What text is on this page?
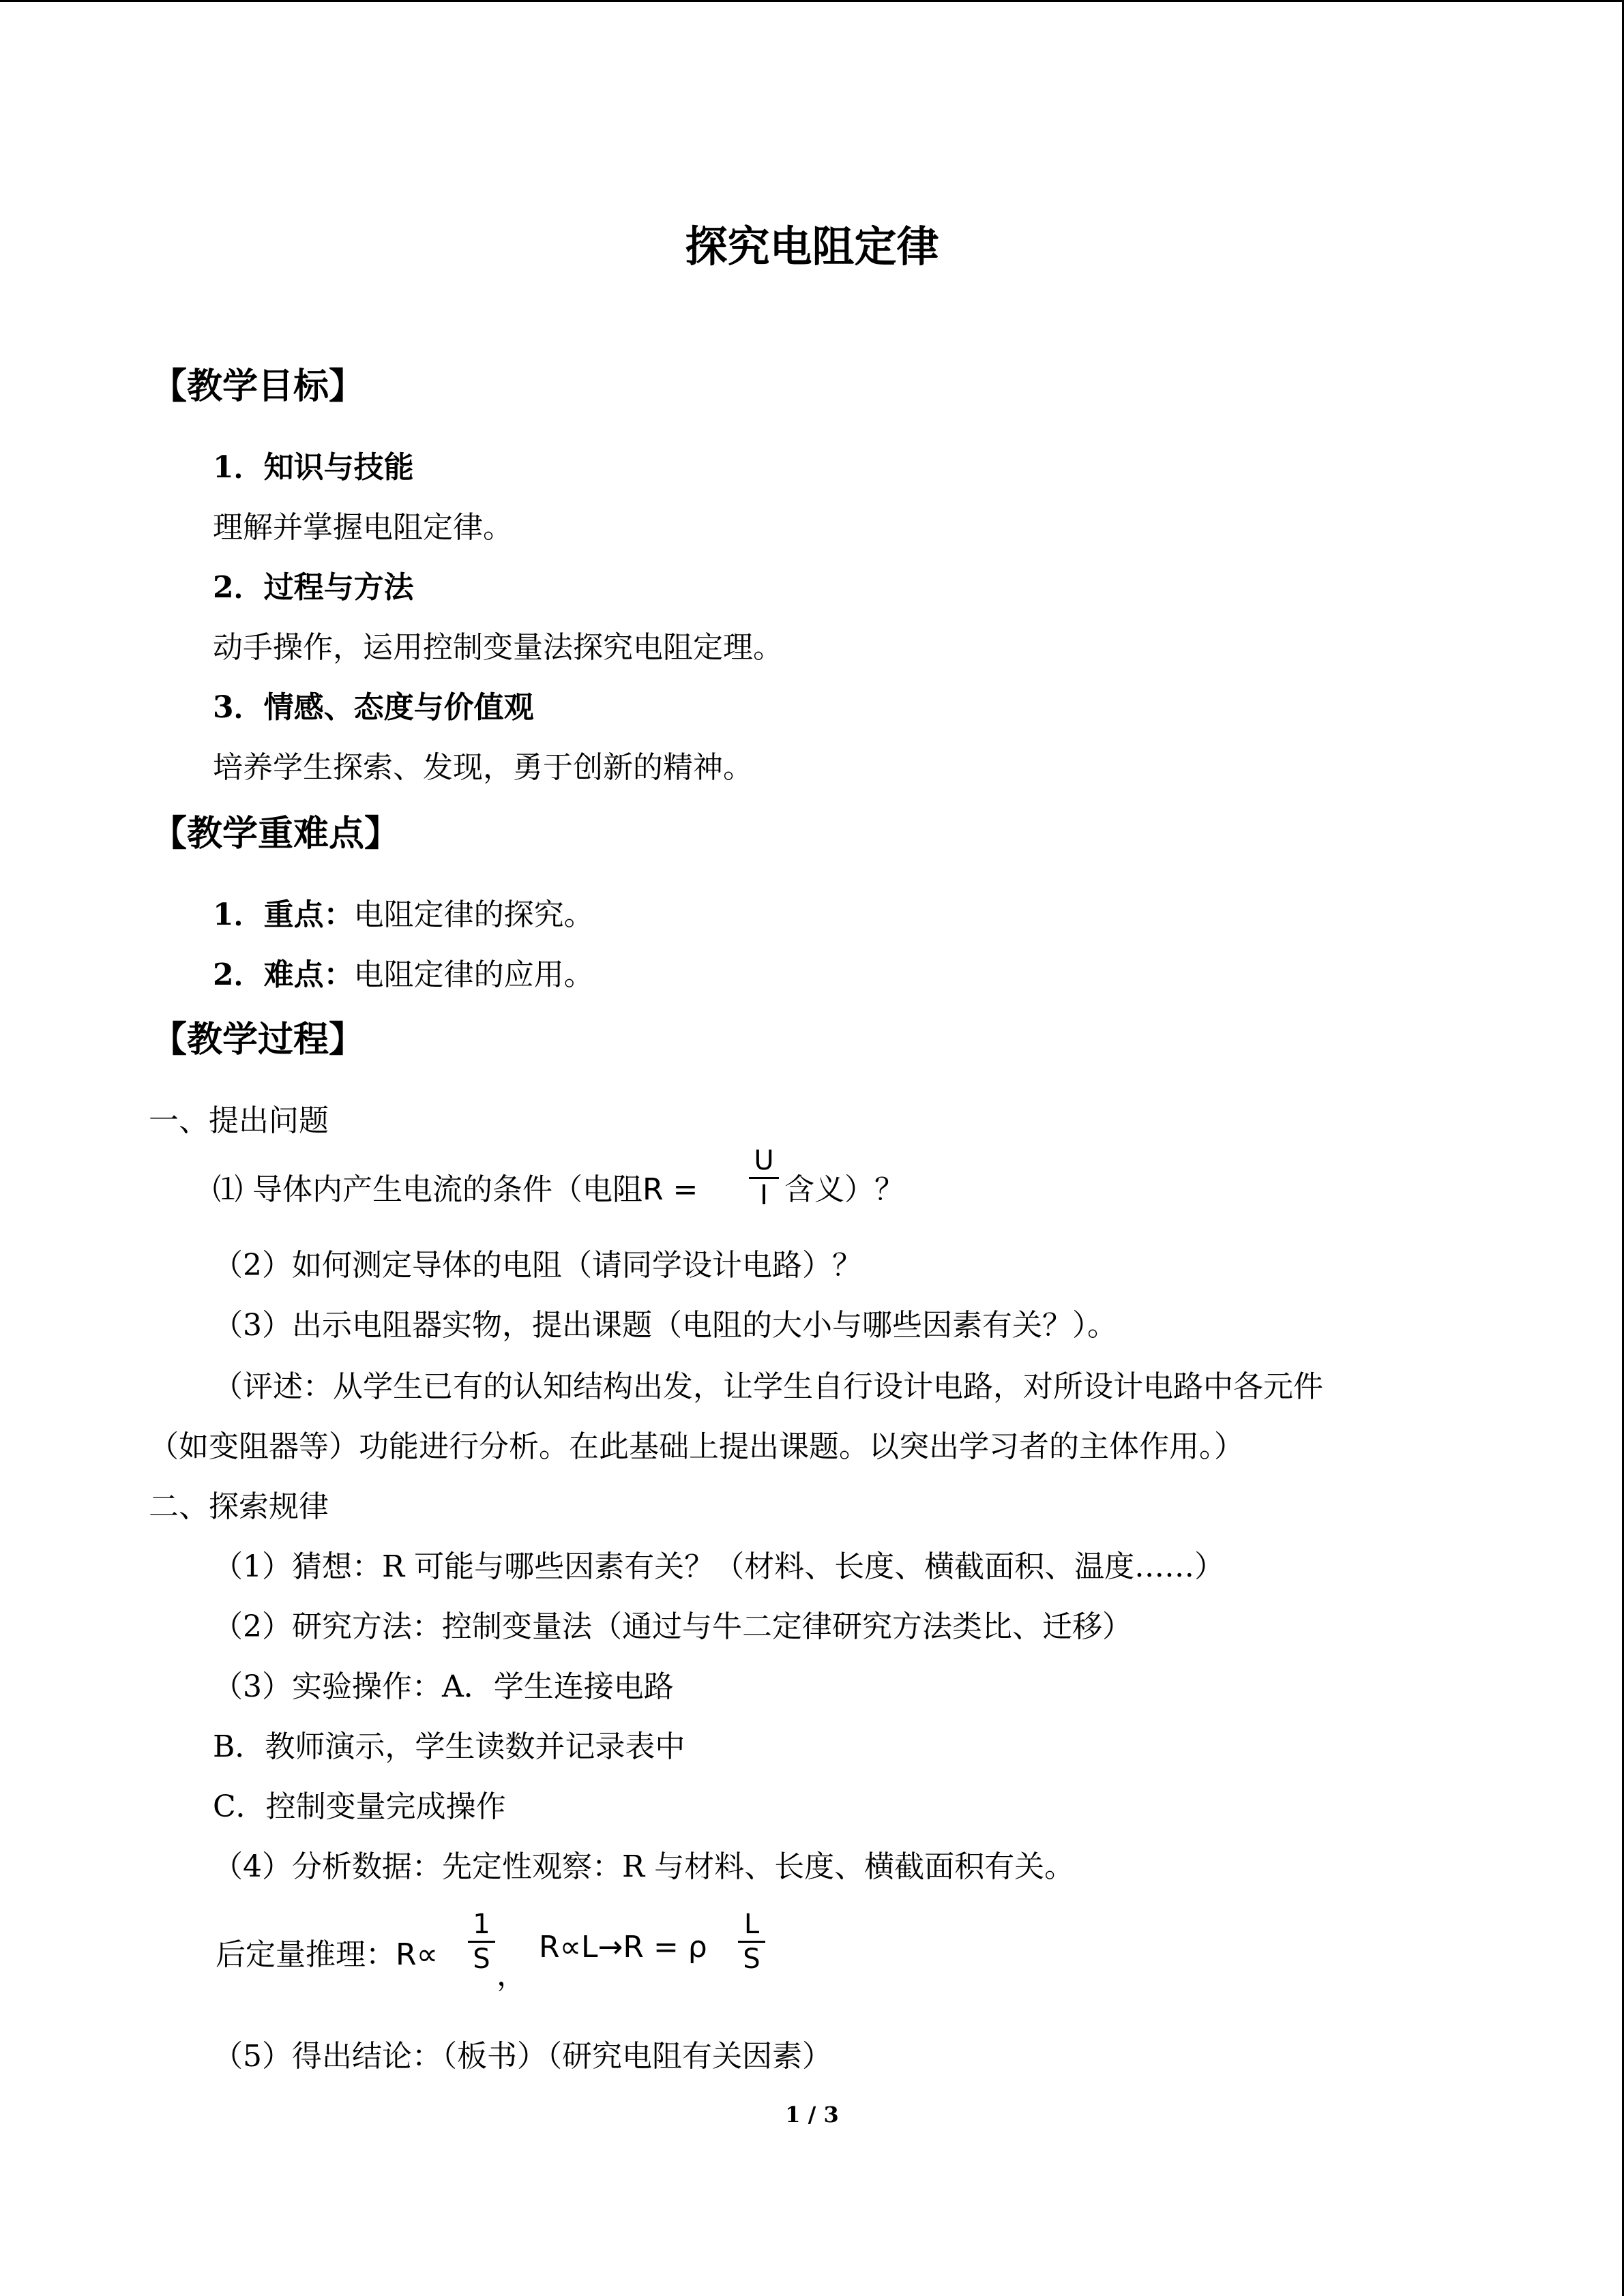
探究电阻定律
【教学目标】
1．知识与技能
理解并掌握电阻定律。
2．过程与方法
动手操作，运用控制变量法探究电阻定理。
3．情感、态度与价值观
培养学生探索、发现，勇于创新的精神。
【教学重难点】
1．重点：电阻定律的探究。
2．难点：电阻定律的应用。
【教学过程】
一、提出问题
⑴ 导体内产生电流的条件（电阻R =
U
I 含义）？
（2）如何测定导体的电阻（请同学设计电路）？
（3）出示电阻器实物，提出课题（电阻的大小与哪些因素有关？）。
（评述：从学生已有的认知结构出发，让学生自行设计电路，对所设计电路中各元件
（如变阻器等）功能进行分析。在此基础上提出课题。以突出学习者的主体作用。）
二、探索规律
（1）猜想：R 可能与哪些因素有关？（材料、长度、横截面积、温度……）
（2）研究方法：控制变量法（通过与牛二定律研究方法类比、迁移）
（3）实验操作：A．学生连接电路
B．教师演示，学生读数并记录表中
C．控制变量完成操作
（4）分析数据：先定性观察：R 与材料、长度、横截面积有关。
后定量推理：R∝
1
S ，
R∝L→R = ρ
L
S
（5）得出结论：（板书）（研究电阻有关因素）
1 / 3
